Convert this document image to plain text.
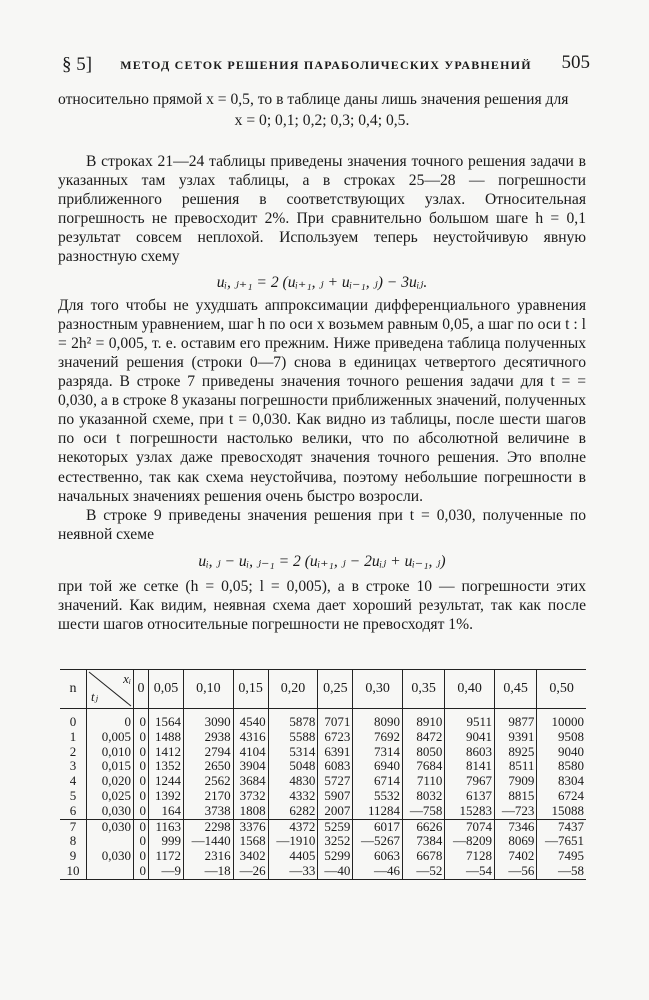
§ 5]	МЕТОД СЕТОК РЕШЕНИЯ ПАРАБОЛИЧЕСКИХ УРАВНЕНИЙ	505

относительно прямой x = 0,5, то в таблице даны лишь значения решения для

x = 0; 0,1; 0,2; 0,3; 0,4; 0,5.

В строках 21—24 таблицы приведены значения точного решения задачи в указанных там узлах таблицы, а в строках 25—28 — погрешности приближенного решения в соответствующих узлах. Относительная погрешность не превосходит 2%. При сравнительно большом шаге h = 0,1 результат совсем неплохой. Используем теперь неустойчивую явную разностную схему

uᵢ, ⱼ₊₁ = 2 (uᵢ₊₁, ⱼ + uᵢ₋₁, ⱼ) − 3uᵢⱼ.

Для того чтобы не ухудшать аппроксимации дифференциального уравнения разностным уравнением, шаг h по оси x возьмем равным 0,05, а шаг по оси t : l = 2h² = 0,005, т. е. оставим его прежним. Ниже приведена таблица полученных значений решения (строки 0—7) снова в единицах четвертого десятичного разряда. В строке 7 приведены значения точного решения задачи для t = = 0,030, а в строке 8 указаны погрешности приближенных значений, полученных по указанной схеме, при t = 0,030. Как видно из таблицы, после шести шагов по оси t погрешности настолько велики, что по абсолютной величине в некоторых узлах даже превосходят значения точного решения. Это вполне естественно, так как схема неустойчива, поэтому небольшие погрешности в начальных значениях решения очень быстро возросли.

В строке 9 приведены значения решения при t = 0,030, полученные по неявной схеме

uᵢ, ⱼ − uᵢ, ⱼ₋₁ = 2 (uᵢ₊₁, ⱼ − 2uᵢⱼ + uᵢ₋₁, ⱼ)

при той же сетке (h = 0,05; l = 0,005), а в строке 10 — погрешности этих значений. Как видим, неявная схема дает хороший результат, так как после шести шагов относительные погрешности не превосходят 1%.

n	xᵢ
tⱼ	0	0,05	0,10	0,15	0,20	0,25	0,30	0,35	0,40	0,45	0,50

0	0	0	1564	3090	4540	5878	7071	8090	8910	9511	9877	10000
1	0,005	0	1488	2938	4316	5588	6723	7692	8472	9041	9391	9508
2	0,010	0	1412	2794	4104	5314	6391	7314	8050	8603	8925	9040
3	0,015	0	1352	2650	3904	5048	6083	6940	7684	8141	8511	8580
4	0,020	0	1244	2562	3684	4830	5727	6714	7110	7967	7909	8304
5	0,025	0	1392	2170	3732	4332	5907	5532	8032	6137	8815	6724
6	0,030	0	164	3738	1808	6282	2007	11284	—758	15283	—723	15088
7	0,030	0	1163	2298	3376	4372	5259	6017	6626	7074	7346	7437
8		0	999	—1440	1568	—1910	3252	—5267	7384	—8209	8069	—7651
9	0,030	0	1172	2316	3402	4405	5299	6063	6678	7128	7402	7495
10		0	—9	—18	—26	—33	—40	—46	—52	—54	—56	—58
